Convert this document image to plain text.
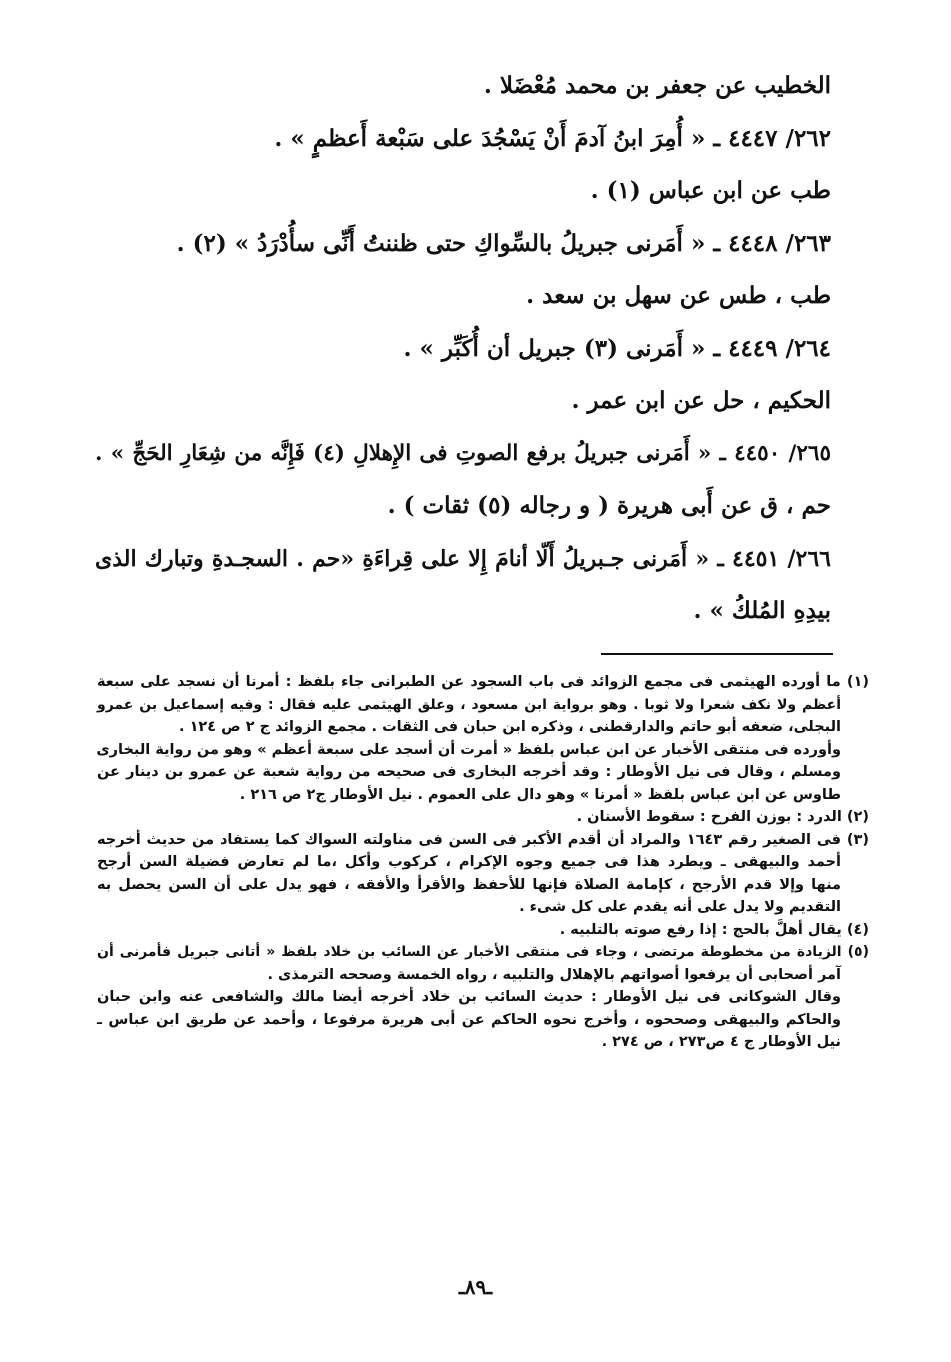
الخطيب عن جعفر بن محمد مُعْضَلا .
٢٦٢/ ٤٤٤٧ ـ « أُمِرَ ابنُ آدمَ أَنْ يَسْجُدَ على سَبْعة أَعظمٍ » .
طب عن ابن عباس (١) .
٢٦٣/ ٤٤٤٨ ـ « أَمَرنى جبريلُ بالسِّواكِ حتى ظننتُ أَنِّى سأُدْرَدُ » (٢) .
طب ، طس عن سهل بن سعد .
٢٦٤/ ٤٤٤٩ ـ « أَمَرنى (٣) جبريل أن أُكَبِّر » .
الحكيم ، حل عن ابن عمر .
٢٦٥/ ٤٤٥٠ ـ « أَمَرنى جبريلُ برفع الصوتِ فى الإِهلالِ (٤) فَإِنَّه من شِعَارِ الحَجِّ » .
حم ، ق عن أَبى هريرة ( و رجاله (٥) ثقات ) .
٢٦٦/ ٤٤٥١ ـ « أَمَرنى جـبريلُ أَلّا أنامَ إِلا على قِراءَةِ «حم . السجـدةِ وتبارك الذى
بيدِهِ المُلكُ » .
(١) ما أورده الهيثمى فى مجمع الزوائد فى باب السجود عن الطبرانى جاء بلفظ : أمرنا أن نسجد على سبعة
أعظم ولا نكف شعرا ولا ثوبا . وهو برواية ابن مسعود ، وعلق الهيثمى عليه فقال : وفيه إسماعيل بن عمرو
البجلى، ضعفه أبو حاتم والدارقطنى ، وذكره ابن حبان فى الثقات . مجمع الزوائد ج ٢ ص ١٢٤ .
وأورده فى منتقى الأخبار عن ابن عباس بلفظ « أمرت أن أسجد على سبعة أعظم » وهو من رواية البخارى
ومسلم ، وقال فى نيل الأوطار : وقد أخرجه البخارى فى صحيحه من رواية شعبة عن عمرو بن دينار عن
طاوس عن ابن عباس بلفظ « أمرنا » وهو دال على العموم . نيل الأوطار ج٢ ص ٢١٦ .
(٢) الدرد : بوزن الفرح : سقوط الأسنان .
(٣) فى الصغير رقم ١٦٤٣ والمراد أن أقدم الأكبر فى السن فى مناولته السواك كما يستفاد من حديث أخرجه
أحمد والبيهقى ـ ويطرد هذا فى جميع وجوه الإكرام ، كركوب وأكل ،ما لم تعارض فضيلة السن أرجح
منها وإلا قدم الأرجح ، كإمامة الصلاة فإنها للأحفظ والأقرأ والأفقه ، فهو يدل على أن السن يحصل به
التقديم ولا يدل على أنه يقدم على كل شىء .
(٤) يقال أهلَّ بالحج : إذا رفع صوته بالتلبيه .
(٥) الزيادة من مخطوطة مرتضى ، وجاء فى منتقى الأخبار عن السائب بن خلاد بلفظ « أتانى جبريل فأمرنى أن
آمر أصحابى أن يرفعوا أصواتهم بالإهلال والتلبيه ، رواه الخمسة وصححه الترمذى .
وقال الشوكانى فى نيل الأوطار : حديث السائب بن خلاد أخرجه أيضا مالك والشافعى عنه وابن حبان
والحاكم والبيهقى وصححوه ، وأخرج نحوه الحاكم عن أبى هريرة مرفوعا ، وأحمد عن طريق ابن عباس ـ
نيل الأوطار ج ٤ ص٢٧٣ ، ص ٢٧٤ .
ـ٨٩ـ
